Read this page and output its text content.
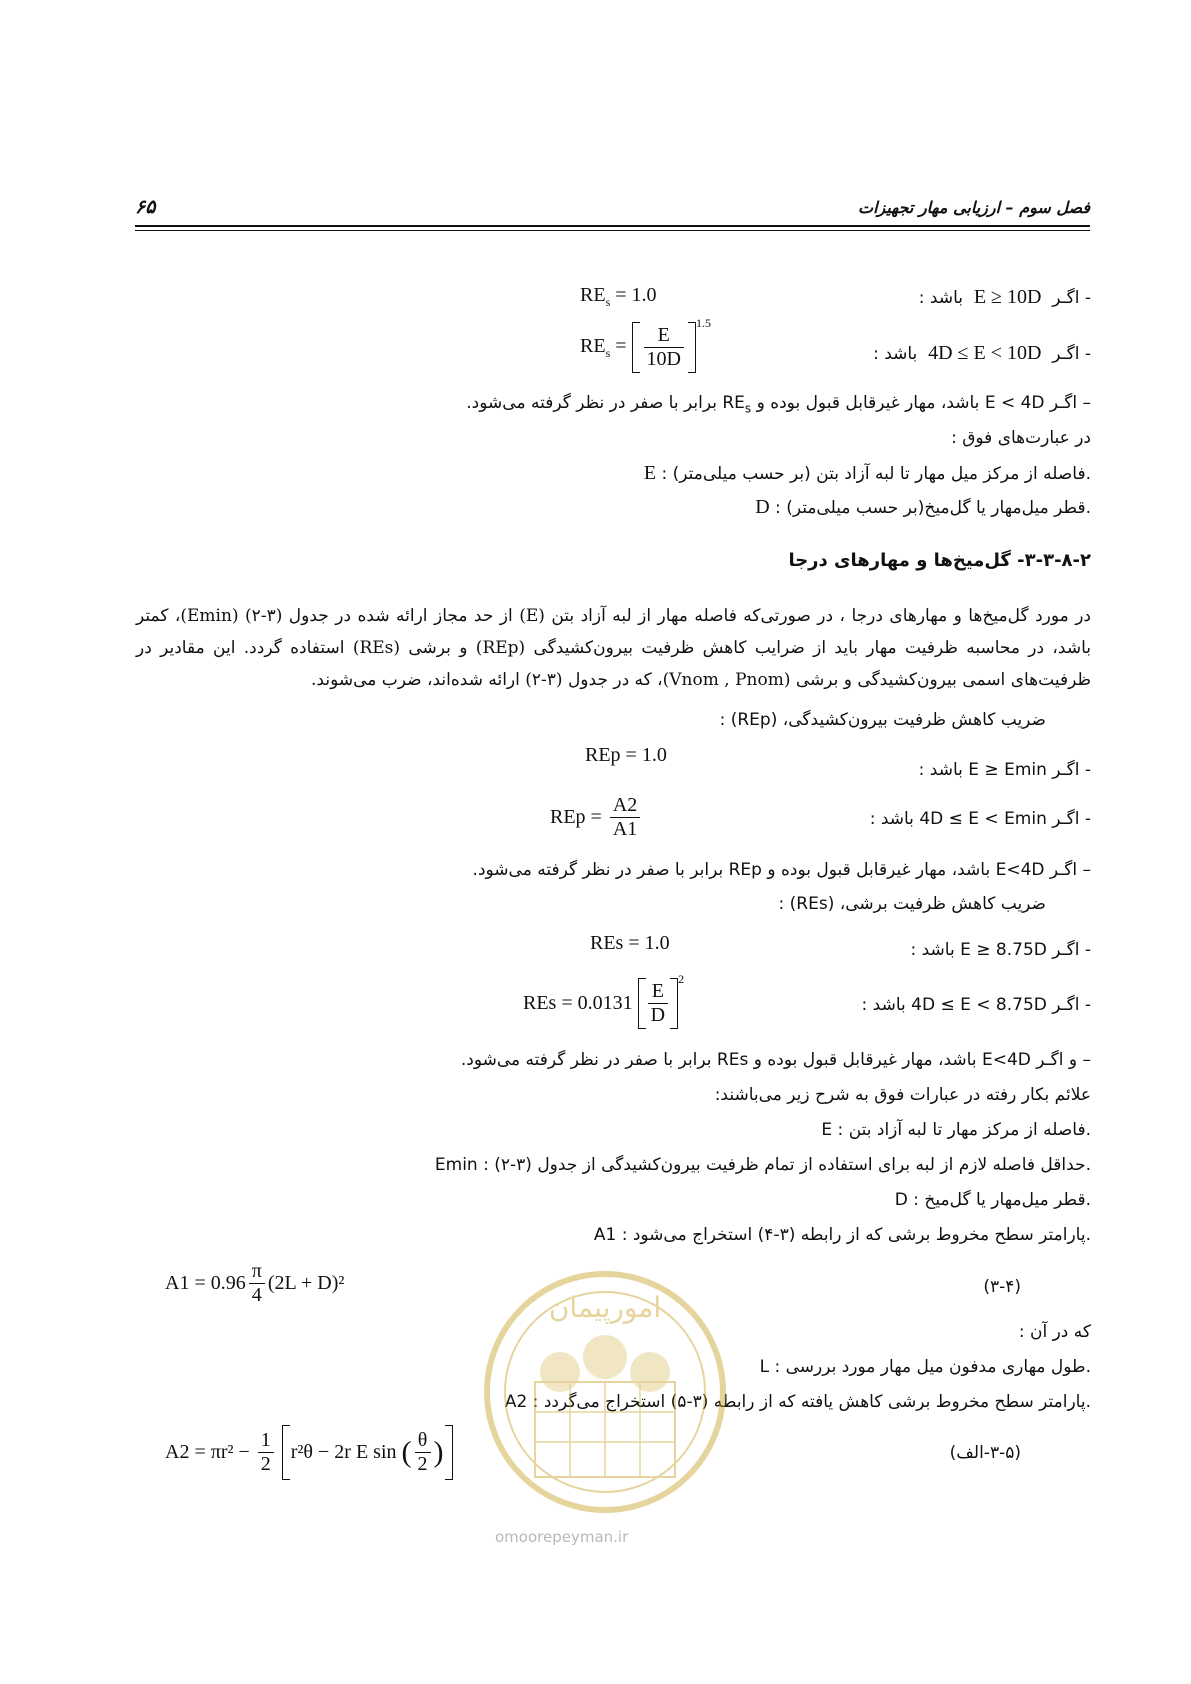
۶۵	فصل سوم – ارزیابی مهار تجهیزات
- اگـر  E ≥ 10D  باشد :
$RE_s = 1.0$
- اگـر  4D ≤ E < 10D  باشد :
$RE_s = \frac{E}{10D}$
$^{1.5}$
– اگـر E < 4D باشد، مهار غیرقابل قبول بوده و $RE_s$ برابر با صفر در نظر گرفته می‌شود.
در عبارت‌های فوق :
E : فاصله از مرکز میل مهار تا لبه آزاد بتن (بر حسب میلی‌متر).
D : قطر میل‌مهار یا گل‌میخ(بر حسب میلی‌متر).
۳-۳-۸-۲- گل‌میخ‌ها و مهارهای درجا
در مورد گل‌میخ‌ها و مهارهای درجا ، در صورتی‌که فاصله مهار از لبه آزاد بتن (E) از حد مجاز ارائه شده در جدول (۳-۲) (Emin)، کمتر باشد، در محاسبه ظرفیت مهار باید از ضرایب کاهش ظرفیت بیرون‌کشیدگی (REp) و برشی (REs) استفاده گردد. این مقادیر در ظرفیت‌های اسمی بیرون‌کشیدگی و برشی (Vnom , Pnom)، که در جدول (۳-۲) ارائه شده‌اند، ضرب می‌شوند.
ضریب کاهش ظرفیت بیرون‌کشیدگی، (REp) :
- اگـر E ≥ Emin باشد :
REp = 1.0
- اگـر 4D ≤ E < Emin باشد :
REp = $\frac{A2}{A1}$
– اگـر E<4D باشد، مهار غیرقابل قبول بوده و REp برابر با صفر در نظر گرفته می‌شود.
ضریب کاهش ظرفیت برشی، (REs) :
- اگـر E ≥ 8.75D باشد :
REs = 1.0
- اگـر 4D ≤ E < 8.75D باشد :
REs = $0.0131 \frac{E}{D}$
$^2$
– و اگـر E<4D باشد، مهار غیرقابل قبول بوده و REs برابر با صفر در نظر گرفته می‌شود.
علائم بکار رفته در عبارات فوق به شرح زیر می‌باشند:
E : فاصله از مرکز مهار تا لبه آزاد بتن.
Emin : حداقل فاصله لازم از لبه برای استفاده از تمام ظرفیت بیرون‌کشیدگی از جدول (۳-۲).
D : قطر میل‌مهار یا گل‌میخ.
A1 : پارامتر سطح مخروط برشی که از رابطه (۳-۴) استخراج می‌شود.
$A1 = 0.96 \frac{\pi}{4} (2L + D)^2$	(۳-۴)
که در آن :
L : طول مهاری مدفون میل مهار مورد بررسی.
A2 : پارامتر سطح مخروط برشی کاهش یافته که از رابطه (۳-۵) استخراج می‌گردد.
$A2 = \pi r^2 - \frac{1}{2}$
r²θ − 2r E sin ( $\frac{\theta}{2}$ )	(۳-۵-الف)
امورپیمان
omoorepeyman.ir
